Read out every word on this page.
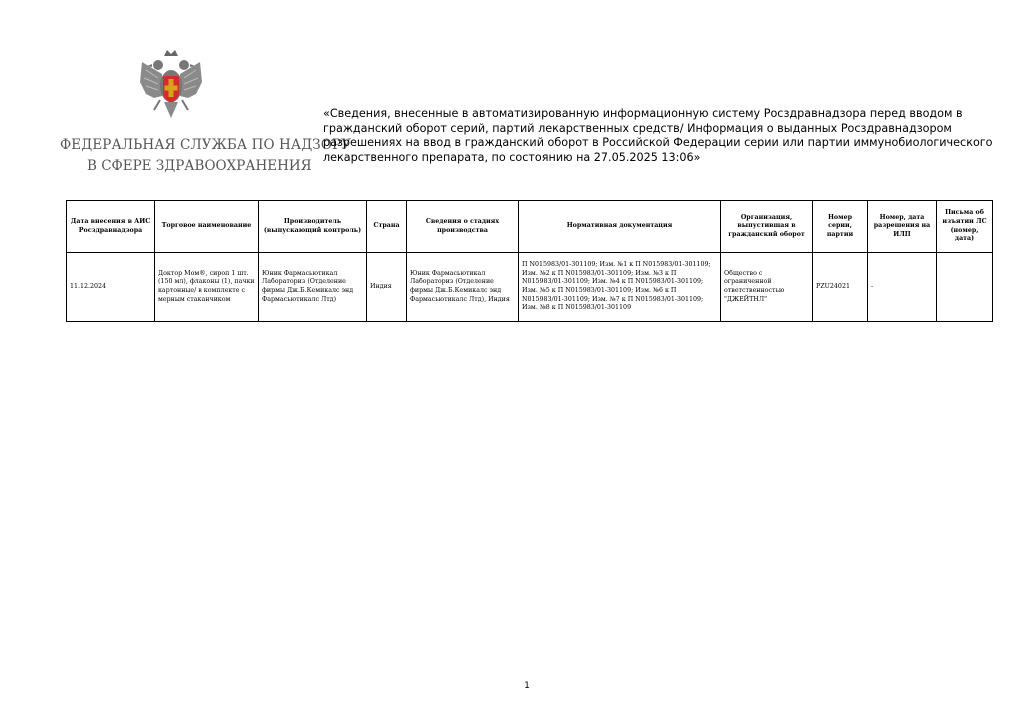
ФЕДЕРАЛЬНАЯ СЛУЖБА ПО НАДЗОРУ
В СФЕРЕ ЗДРАВООХРАНЕНИЯ

«Сведения, внесенные в автоматизированную информационную систему Росздравнадзора перед вводом в гражданский оборот серий, партий лекарственных средств/ Информация о выданных Росздравнадзором разрешениях на ввод в гражданский оборот в Российской Федерации серии или партии иммунобиологического лекарственного препарата, по состоянию на 27.05.2025 13:06»

Дата внесения в АИС Росздравнадзора	Торговое наименование	Производитель (выпускающий контроль)	Страна	Сведения о стадиях производства	Нормативная документация	Организация, выпустившая в гражданский оборот	Номер серии, партии	Номер, дата разрешения на ИЛП	Письма об изъятии ЛС (номер, дата)
11.12.2024	Доктор Мом®, сироп 1 шт. (150 мл), флаконы (1), пачки картонные/ в комплекте с мерным стаканчиком	Юник Фармасьютикал Лабораториз (Отделение фирмы Дж.Б.Кемикалс энд Фармасьютикалс Лтд)	Индия	Юник Фармасьютикал Лабораториз (Отделение фирмы Дж.Б.Кемикалс энд Фармасьютикалс Лтд), Индия	П N015983/01-301109; Изм. №1 к П N015983/01-301109; Изм. №2 к П N015983/01-301109; Изм. №3 к П N015983/01-301109; Изм. №4 к П N015983/01-301109; Изм. №5 к П N015983/01-301109; Изм. №6 к П N015983/01-301109; Изм. №7 к П N015983/01-301109; Изм. №8 к П N015983/01-301109	Общество с ограниченной ответственностью "ДЖЕЙТНЛ"	PZU24021	-	
1
